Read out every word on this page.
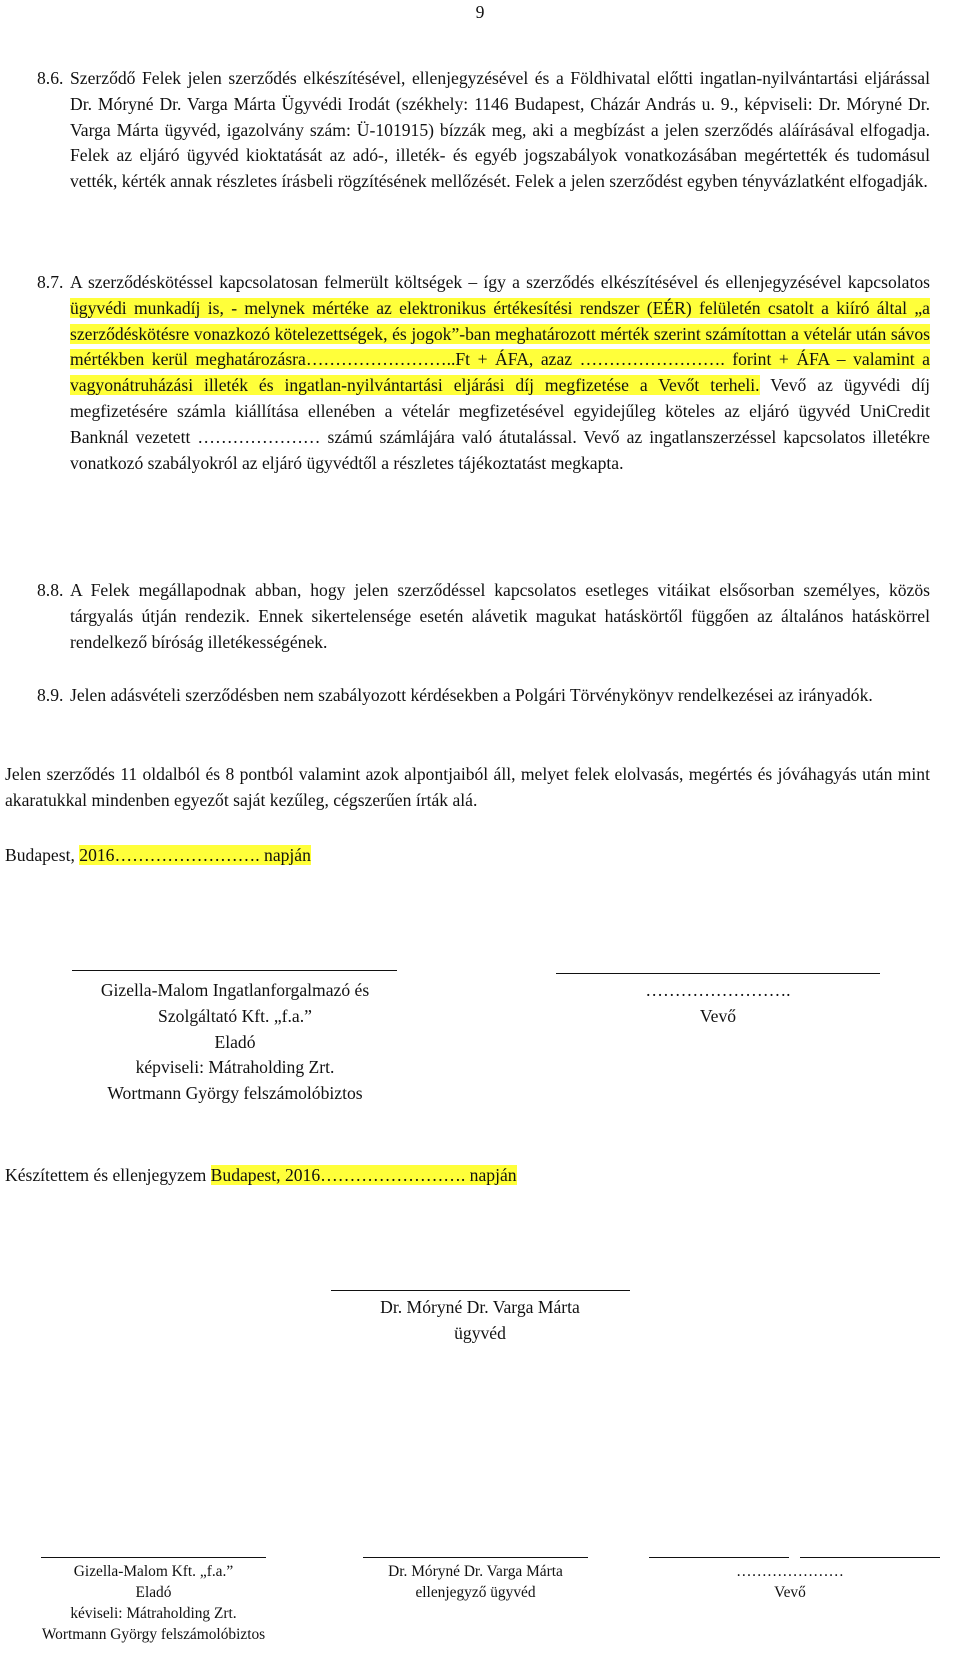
9
8.6. Szerződő Felek jelen szerződés elkészítésével, ellenjegyzésével és a Földhivatal előtti ingatlan-nyilvántartási eljárással Dr. Móryné Dr. Varga Márta Ügyvédi Irodát (székhely: 1146 Budapest, Cházár András u. 9., képviseli: Dr. Móryné Dr. Varga Márta ügyvéd, igazolvány szám: Ü-101915) bízzák meg, aki a megbízást a jelen szerződés aláírásával elfogadja. Felek az eljáró ügyvéd kioktatását az adó-, illeték- és egyéb jogszabályok vonatkozásában megértették és tudomásul vették, kérték annak részletes írásbeli rögzítésének mellőzését. Felek a jelen szerződést egyben tényvázlatként elfogadják.
8.7. A szerződéskötéssel kapcsolatosan felmerült költségek – így a szerződés elkészítésével és ellenjegyzésével kapcsolatos ügyvédi munkadíj is, - melynek mértéke az elektronikus értékesítési rendszer (EÉR) felületén csatolt a kiíró által „a szerződéskötésre vonazkozó kötelezettségek, és jogok”-ban meghatározott mérték szerint számítottan a vételár után sávos mértékben kerül meghatározásra……………………..Ft + ÁFA, azaz ……………………. forint + ÁFA – valamint a vagyonátruházási illeték és ingatlan-nyilvántartási eljárási díj megfizetése a Vevőt terheli. Vevő az ügyvédi díj megfizetésére számla kiállítása ellenében a vételár megfizetésével egyidejűleg köteles az eljáró ügyvéd UniCredit Banknál vezetett ………………… számú számlájára való átutalással. Vevő az ingatlanszerzéssel kapcsolatos illetékre vonatkozó szabályokról az eljáró ügyvédtől a részletes tájékoztatást megkapta.
8.8. A Felek megállapodnak abban, hogy jelen szerződéssel kapcsolatos esetleges vitáikat elsősorban személyes, közös tárgyalás útján rendezik. Ennek sikertelensége esetén alávetik magukat hatáskörtől függően az általános hatáskörrel rendelkező bíróság illetékességének.
8.9. Jelen adásvételi szerződésben nem szabályozott kérdésekben a Polgári Törvénykönyv rendelkezései az irányadók.
Jelen szerződés 11 oldalból és 8 pontból valamint azok alpontjaiból áll, melyet felek elolvasás, megértés és jóváhagyás után mint akaratukkal mindenben egyezőt saját kezűleg, cégszerűen írták alá.
Budapest, 2016……………………. napján
Gizella-Malom Ingatlanforgalmazó és
Szolgáltató Kft. „f.a.”
Eladó
képviseli: Mátraholding Zrt.
Wortmann György felszámolóbiztos
…………………….
Vevő
Készítettem és ellenjegyzem Budapest, 2016……………………. napján
Dr. Móryné Dr. Varga Márta
ügyvéd
Gizella-Malom Kft. „f.a.”
Eladó
kéviseli: Mátraholding Zrt.
Wortmann György felszámolóbiztos
Dr. Móryné Dr. Varga Márta
ellenjegyző ügyvéd
…………………
Vevő
